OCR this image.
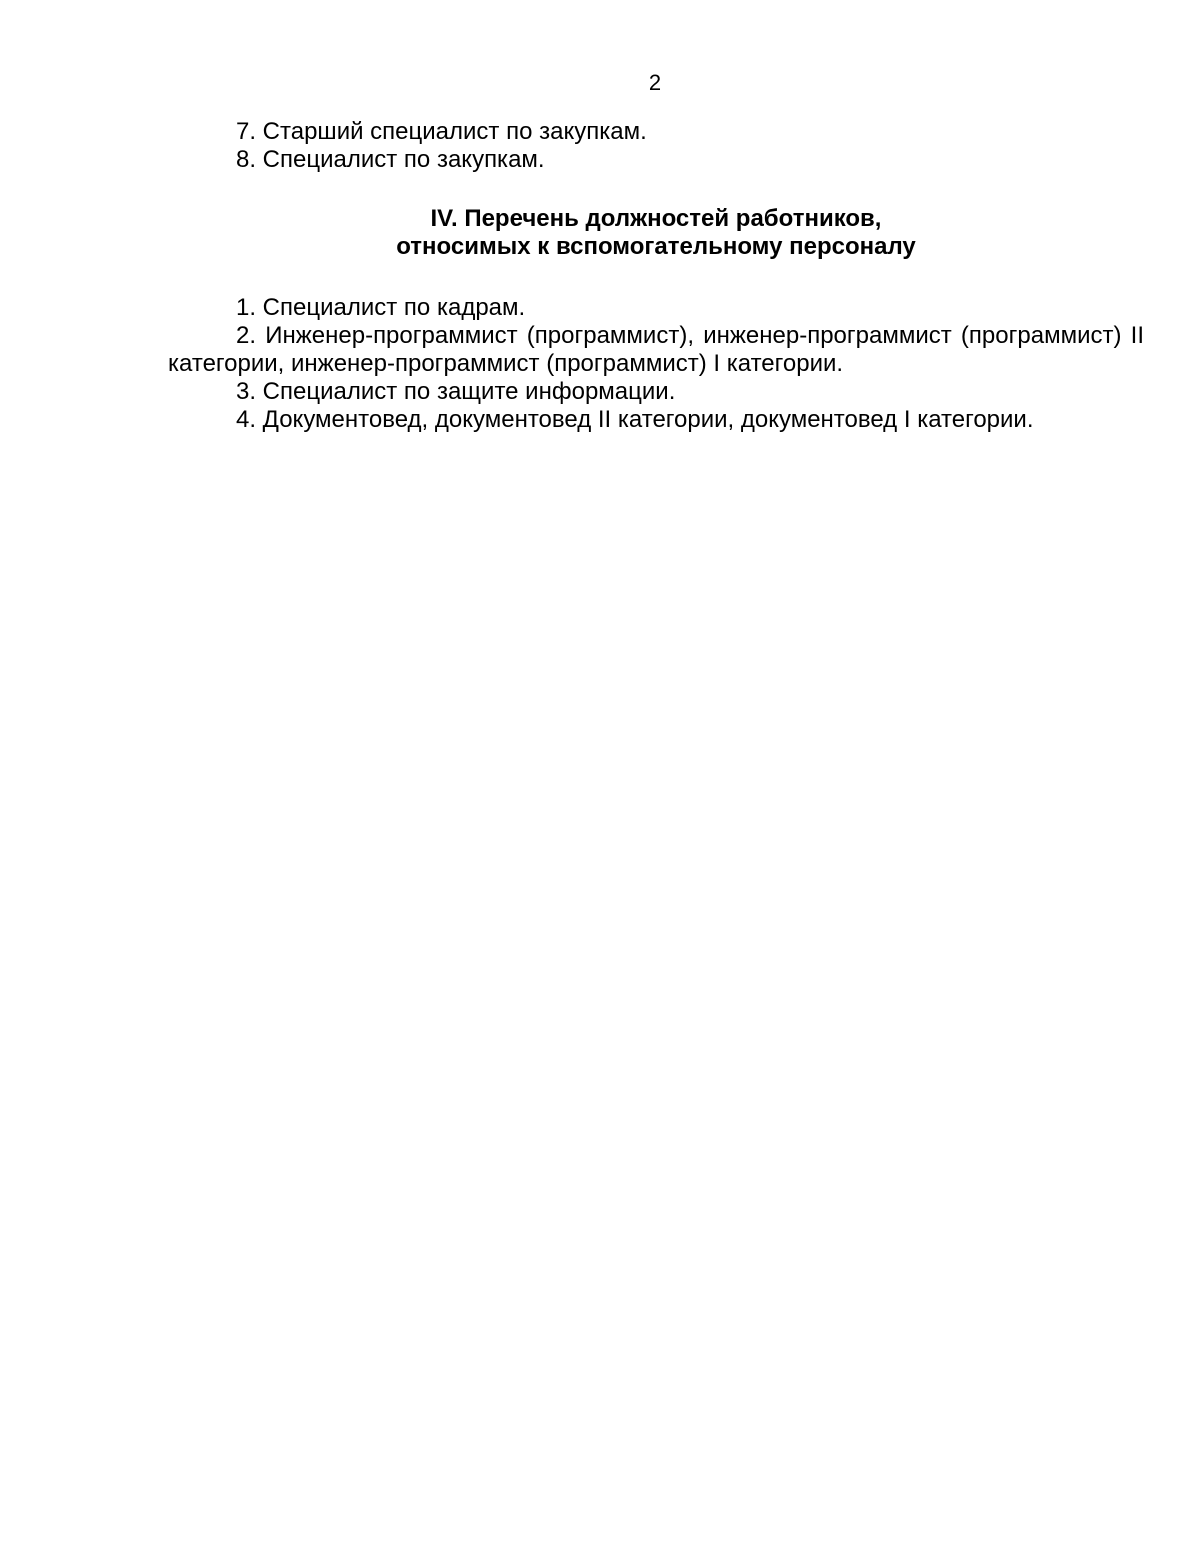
2

7. Старший специалист по закупкам.

8. Специалист по закупкам.

IV. Перечень должностей работников,
относимых к вспомогательному персоналу

1. Специалист по кадрам.

2. Инженер-программист (программист), инженер-программист (программист) II категории, инженер-программист (программист) I категории.

3. Специалист по защите информации.

4. Документовед, документовед II категории, документовед I категории.
